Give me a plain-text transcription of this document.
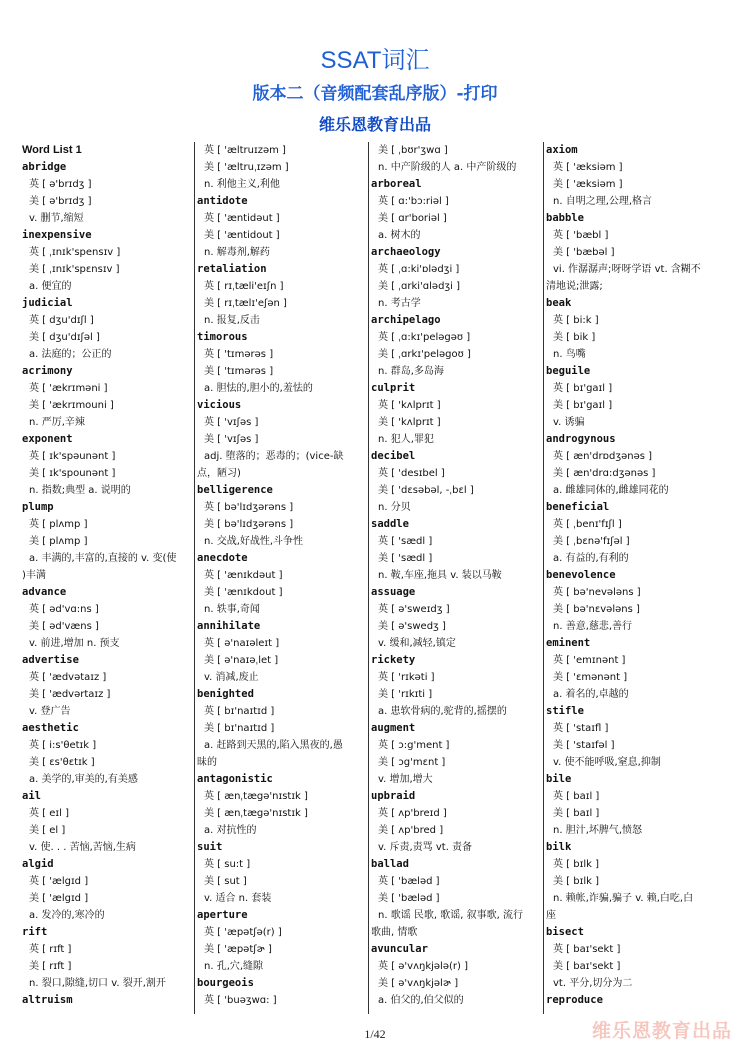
SSAT词汇
版本二（音频配套乱序版）-打印
维乐恩教育出品
Word List 1
abridge
英 [ ə'brɪdʒ ]
美 [ ə'brɪdʒ ]
v. 删节,缩短
inexpensive
英 [ ˌɪnɪk'spensɪv ]
美 [ ˌɪnɪk'spɛnsɪv ]
a. 便宜的
judicial
英 [ dʒu'dɪʃl ]
美 [ dʒu'dɪʃəl ]
a. 法庭的；公正的
acrimony
英 [ 'ækrɪməni ]
美 [ 'ækrɪmouni ]
n. 严厉,辛辣
exponent
英 [ ɪk'spəunənt ]
美 [ ɪk'spounənt ]
n. 指数;典型 a. 说明的
plump
英 [ plʌmp ]
美 [ plʌmp ]
a. 丰满的,丰富的,直接的 v. 变(使
)丰满
advance
英 [ əd'vɑ:ns ]
美 [ əd'væns ]
v. 前进,增加 n. 预支
advertise
英 [ 'ædvətaɪz ]
美 [ 'ædvərtaɪz ]
v. 登广告
aesthetic
英 [ i:s'θetɪk ]
美 [ ɛs'θɛtɪk ]
a. 美学的,审美的,有美感
ail
英 [ eɪl ]
美 [ el ]
v. 使. . . 苦恼,苦恼,生病
algid
英 [ 'ælgɪd ]
美 [ 'ælgɪd ]
a. 发冷的,寒冷的
rift
英 [ rɪft ]
美 [ rɪft ]
n. 裂口,隙缝,切口 v. 裂开,割开
altruism
英 [ 'æltruɪzəm ]
美 [ 'æltruˌɪzəm ]
n. 利他主义,利他
antidote
英 [ 'æntidəut ]
美 [ 'æntidout ]
n. 解毒剂,解药
retaliation
英 [ rɪˌtæli'eɪʃn ]
美 [ rɪˌtælɪ'eʃən ]
n. 报复,反击
timorous
英 [ 'tɪmərəs ]
美 [ 'tɪmərəs ]
a. 胆怯的,胆小的,羞怯的
vicious
英 [ 'vɪʃəs ]
美 [ 'vɪʃəs ]
adj. 堕落的；恶毒的；(vice-缺
点，陋习)
belligerence
英 [ bə'lɪdʒərəns ]
美 [ bə'lɪdʒərəns ]
n. 交战,好战性,斗争性
anecdote
英 [ 'ænɪkdəut ]
美 [ 'ænɪkdout ]
n. 轶事,奇闻
annihilate
英 [ ə'naɪəleɪt ]
美 [ ə'naɪəˌlet ]
v. 消减,废止
benighted
英 [ bɪ'naɪtɪd ]
美 [ bɪ'naɪtɪd ]
a. 赶路到天黑的,陷入黑夜的,愚
昧的
antagonistic
英 [ ænˌtægə'nɪstɪk ]
美 [ ænˌtægə'nɪstɪk ]
a. 对抗性的
suit
英 [ su:t ]
美 [ sut ]
v. 适合 n. 套装
aperture
英 [ 'æpətʃə(r) ]
美 [ 'æpətʃɚ ]
n. 孔,穴,缝隙
bourgeois
英 [ 'buəʒwɑ: ]
美 [ ˌbʊr'ʒwɑ ]
n. 中产阶级的人 a. 中产阶级的
arboreal
英 [ ɑ:'bɔ:riəl ]
美 [ ɑr'boriəl ]
a. 树木的
archaeology
英 [ ˌɑ:ki'ɒlədʒi ]
美 [ ˌɑrki'ɑlədʒi ]
n. 考古学
archipelago
英 [ ˌɑ:kɪ'peləgəʊ ]
美 [ ˌɑrkɪ'peləgoʊ ]
n. 群岛,多岛海
culprit
英 [ 'kʌlprɪt ]
美 [ 'kʌlprɪt ]
n. 犯人,罪犯
decibel
英 [ 'desɪbel ]
美 [ 'dɛsəbəl, -ˌbɛl ]
n. 分贝
saddle
英 [ 'sædl ]
美 [ 'sædl ]
n. 鞍,车座,拖具 v. 装以马鞍
assuage
英 [ ə'sweɪdʒ ]
美 [ ə'swedʒ ]
v. 缓和,减轻,镇定
rickety
英 [ 'rɪkəti ]
美 [ 'rɪkɪti ]
a. 患软骨病的,驼背的,摇摆的
augment
英 [ ɔ:g'ment ]
美 [ ɔg'mɛnt ]
v. 增加,增大
upbraid
英 [ ʌp'breɪd ]
美 [ ʌp'bred ]
v. 斥责,责骂 vt. 责备
ballad
英 [ 'bæləd ]
美 [ 'bæləd ]
n. 歌谣 民歌, 歌谣, 叙事歌, 流行
歌曲, 情歌
avuncular
英 [ ə'vʌŋkjələ(r) ]
美 [ ə'vʌŋkjəlɚ ]
a. 伯父的,伯父似的
axiom
英 [ 'æksiəm ]
美 [ 'æksiəm ]
n. 自明之理,公理,格言
babble
英 [ 'bæbl ]
美 [ 'bæbəl ]
vi. 作潺潺声;呀呀学语 vt. 含糊不
清地说;泄露;
beak
英 [ bi:k ]
美 [ bik ]
n. 鸟嘴
beguile
英 [ bɪ'gaɪl ]
美 [ bɪ'gaɪl ]
v. 诱骗
androgynous
英 [ æn'drɒdʒənəs ]
美 [ æn'drɑ:dʒənəs ]
a. 雌雄同体的,雌雄同花的
beneficial
英 [ ˌbenɪ'fɪʃl ]
美 [ ˌbɛnə'fɪʃəl ]
a. 有益的,有利的
benevolence
英 [ bə'nevələns ]
美 [ bə'nɛvələns ]
n. 善意,慈悲,善行
eminent
英 [ 'emɪnənt ]
美 [ 'ɛmənənt ]
a. 着名的,卓越的
stifle
英 [ 'staɪfl ]
美 [ 'staɪfəl ]
v. 使不能呼吸,窒息,抑制
bile
英 [ baɪl ]
美 [ baɪl ]
n. 胆汁,坏脾气,愤怒
bilk
英 [ bɪlk ]
美 [ bɪlk ]
n. 赖帐,诈骗,骗子 v. 赖,白吃,白
座
bisect
英 [ baɪ'sekt ]
美 [ baɪ'sekt ]
vt. 平分,切分为二
reproduce
1/42	维乐恩教育出品
